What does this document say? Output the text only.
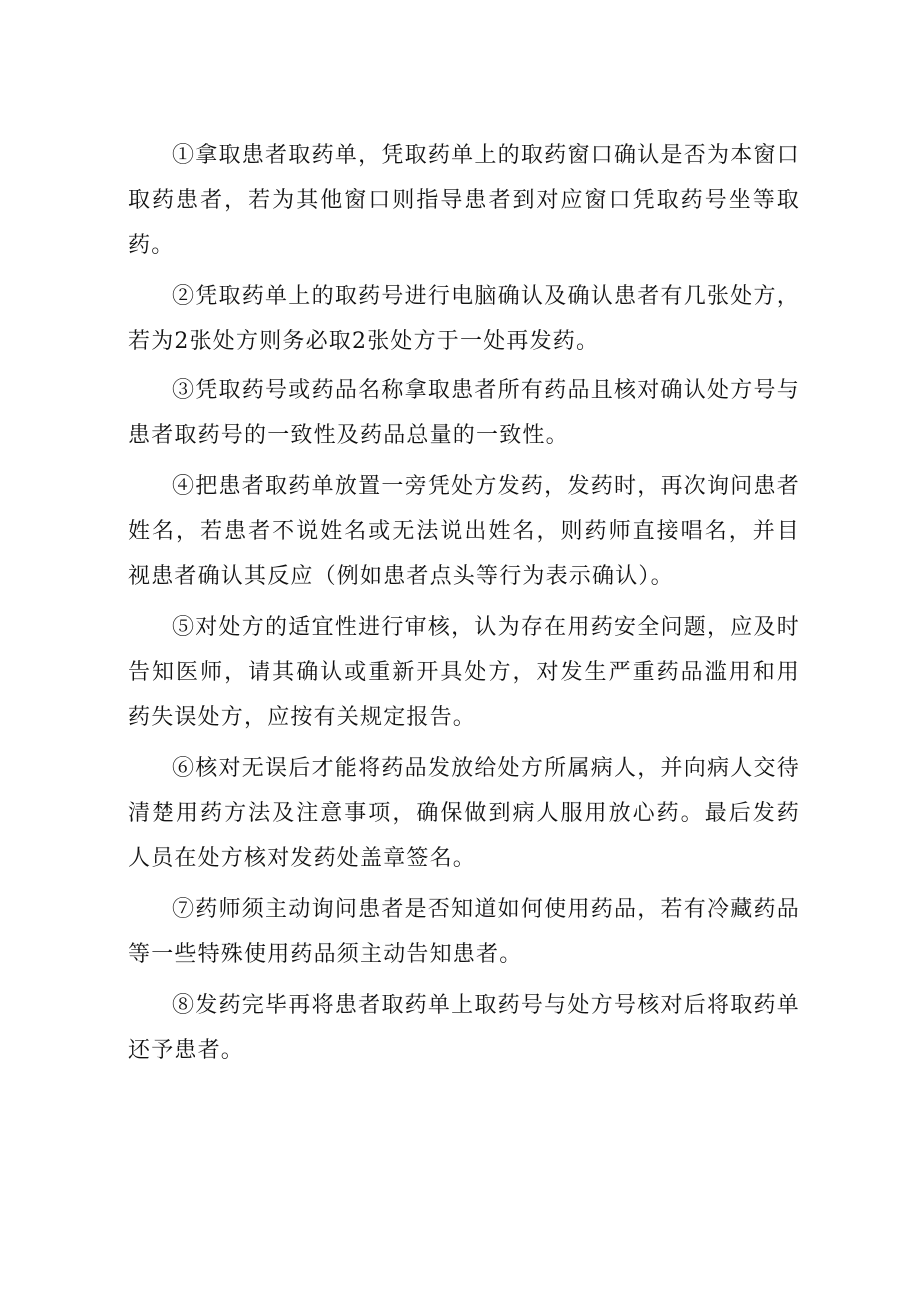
①拿取患者取药单，凭取药单上的取药窗口确认是否为本窗口取药患者，若为其他窗口则指导患者到对应窗口凭取药号坐等取药。

②凭取药单上的取药号进行电脑确认及确认患者有几张处方，若为2张处方则务必取2张处方于一处再发药。

③凭取药号或药品名称拿取患者所有药品且核对确认处方号与患者取药号的一致性及药品总量的一致性。

④把患者取药单放置一旁凭处方发药，发药时，再次询问患者姓名，若患者不说姓名或无法说出姓名，则药师直接唱名，并目视患者确认其反应（例如患者点头等行为表示确认）。

⑤对处方的适宜性进行审核，认为存在用药安全问题，应及时告知医师，请其确认或重新开具处方，对发生严重药品滥用和用药失误处方，应按有关规定报告。

⑥核对无误后才能将药品发放给处方所属病人，并向病人交待清楚用药方法及注意事项，确保做到病人服用放心药。最后发药人员在处方核对发药处盖章签名。

⑦药师须主动询问患者是否知道如何使用药品，若有冷藏药品等一些特殊使用药品须主动告知患者。

⑧发药完毕再将患者取药单上取药号与处方号核对后将取药单还予患者。
